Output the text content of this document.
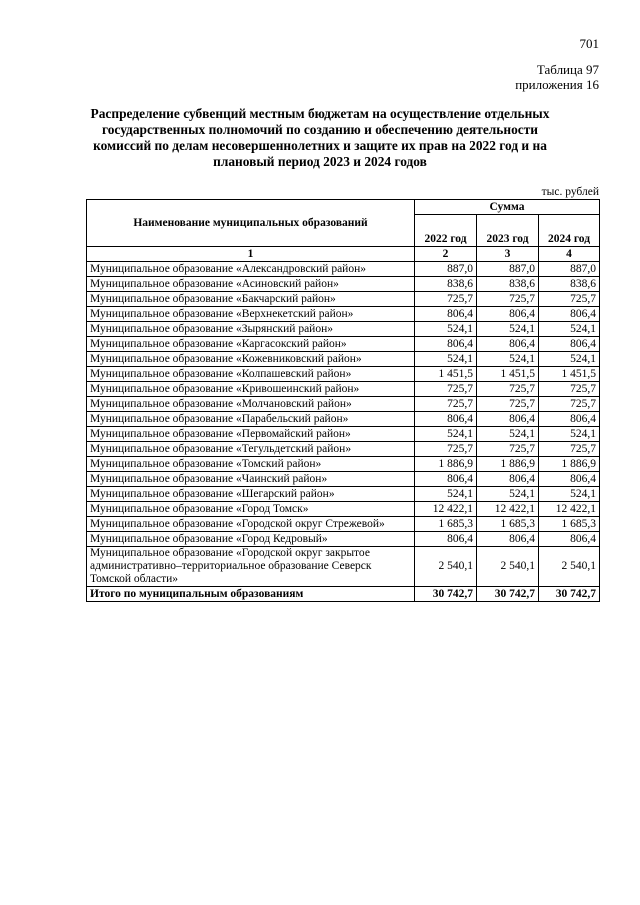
701
Таблица 97
приложения 16

Распределение субвенций местным бюджетам на осуществление отдельных государственных полномочий по созданию и обеспечению деятельности комиссий по делам несовершеннолетних и защите их прав на 2022 год и на плановый период 2023 и 2024 годов

тыс. рублей
Наименование муниципальных образований	Сумма		
	2022 год	2023 год	2024 год
1	2	3	4
Муниципальное образование «Александровский район»	887,0	887,0	887,0
Муниципальное образование «Асиновский район»	838,6	838,6	838,6
Муниципальное образование «Бакчарский район»	725,7	725,7	725,7
Муниципальное образование «Верхнекетский район»	806,4	806,4	806,4
Муниципальное образование «Зырянский район»	524,1	524,1	524,1
Муниципальное образование «Каргасокский район»	806,4	806,4	806,4
Муниципальное образование «Кожевниковский район»	524,1	524,1	524,1
Муниципальное образование «Колпашевский район»	1 451,5	1 451,5	1 451,5
Муниципальное образование «Кривошеинский район»	725,7	725,7	725,7
Муниципальное образование «Молчановский район»	725,7	725,7	725,7
Муниципальное образование «Парабельский район»	806,4	806,4	806,4
Муниципальное образование «Первомайский район»	524,1	524,1	524,1
Муниципальное образование «Тегульдетский район»	725,7	725,7	725,7
Муниципальное образование «Томский район»	1 886,9	1 886,9	1 886,9
Муниципальное образование «Чаинский район»	806,4	806,4	806,4
Муниципальное образование «Шегарский район»	524,1	524,1	524,1
Муниципальное образование «Город Томск»	12 422,1	12 422,1	12 422,1
Муниципальное образование «Городской округ Стрежевой»	1 685,3	1 685,3	1 685,3
Муниципальное образование «Город Кедровый»	806,4	806,4	806,4
Муниципальное образование «Городской округ закрытое административно–территориальное образование Северск Томской области»	2 540,1	2 540,1	2 540,1
Итого по муниципальным образованиям	30 742,7	30 742,7	30 742,7
